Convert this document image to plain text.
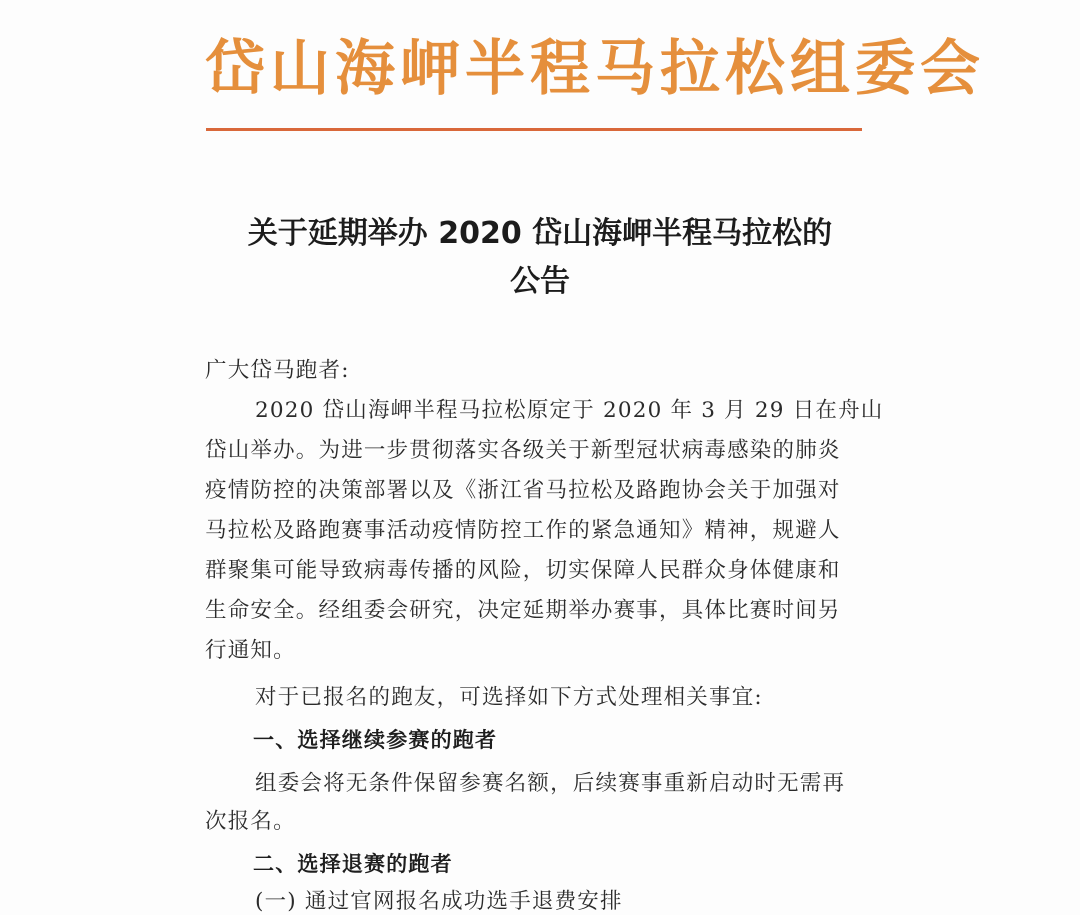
岱山海岬半程马拉松组委会
关于延期举办 2020 岱山海岬半程马拉松的
公告
广大岱马跑者:
2020 岱山海岬半程马拉松原定于 2020 年 3 月 29 日在舟山
岱山举办。为进一步贯彻落实各级关于新型冠状病毒感染的肺炎
疫情防控的决策部署以及《浙江省马拉松及路跑协会关于加强对
马拉松及路跑赛事活动疫情防控工作的紧急通知》精神，规避人
群聚集可能导致病毒传播的风险，切实保障人民群众身体健康和
生命安全。经组委会研究，决定延期举办赛事，具体比赛时间另
行通知。
对于已报名的跑友，可选择如下方式处理相关事宜:
一、选择继续参赛的跑者
组委会将无条件保留参赛名额，后续赛事重新启动时无需再
次报名。
二、选择退赛的跑者
(一) 通过官网报名成功选手退费安排
